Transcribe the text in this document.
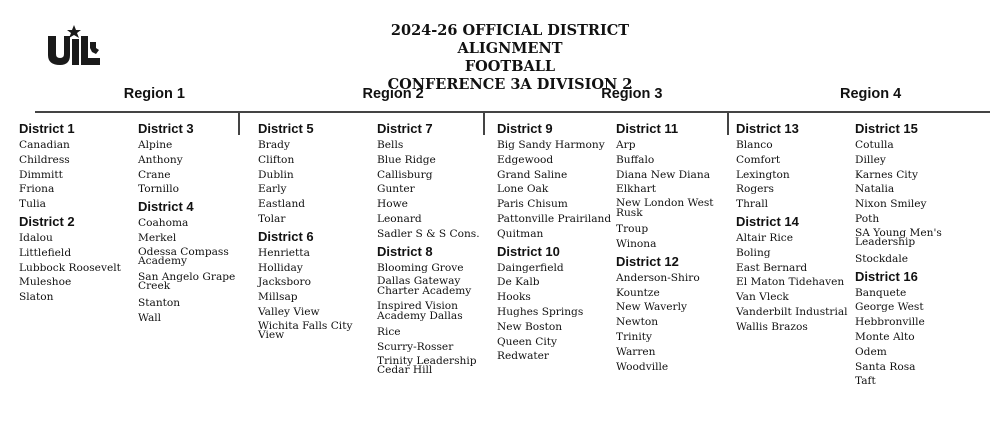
2024-26 OFFICIAL DISTRICT ALIGNMENT
FOOTBALL
CONFERENCE 3A DIVISION 2
Region 1	Region 2	Region 3	Region 4
District 1
Canadian
Childress
Dimmitt
Friona
Tulia
District 2
Idalou
Littlefield
Lubbock Roosevelt
Muleshoe
Slaton
District 3
Alpine
Anthony
Crane
Tornillo
District 4
Coahoma
Merkel
Odessa Compass Academy
San Angelo Grape Creek
Stanton
Wall
District 5
Brady
Clifton
Dublin
Early
Eastland
Tolar
District 6
Henrietta
Holliday
Jacksboro
Millsap
Valley View
Wichita Falls City View
District 7
Bells
Blue Ridge
Callisburg
Gunter
Howe
Leonard
Sadler S & S Cons.
District 8
Blooming Grove
Dallas Gateway Charter Academy
Inspired Vision Academy Dallas
Rice
Scurry-Rosser
Trinity Leadership Cedar Hill
District 9
Big Sandy Harmony
Edgewood
Grand Saline
Lone Oak
Paris Chisum
Pattonville Prairiland
Quitman
District 10
Daingerfield
De Kalb
Hooks
Hughes Springs
New Boston
Queen City
Redwater
District 11
Arp
Buffalo
Diana New Diana
Elkhart
New London West Rusk
Troup
Winona
District 12
Anderson-Shiro
Kountze
New Waverly
Newton
Trinity
Warren
Woodville
District 13
Blanco
Comfort
Lexington
Rogers
Thrall
District 14
Altair Rice
Boling
East Bernard
El Maton Tidehaven
Van Vleck
Vanderbilt Industrial
Wallis Brazos
District 15
Cotulla
Dilley
Karnes City
Natalia
Nixon Smiley
Poth
SA Young Men's Leadership
Stockdale
District 16
Banquete
George West
Hebbronville
Monte Alto
Odem
Santa Rosa
Taft
